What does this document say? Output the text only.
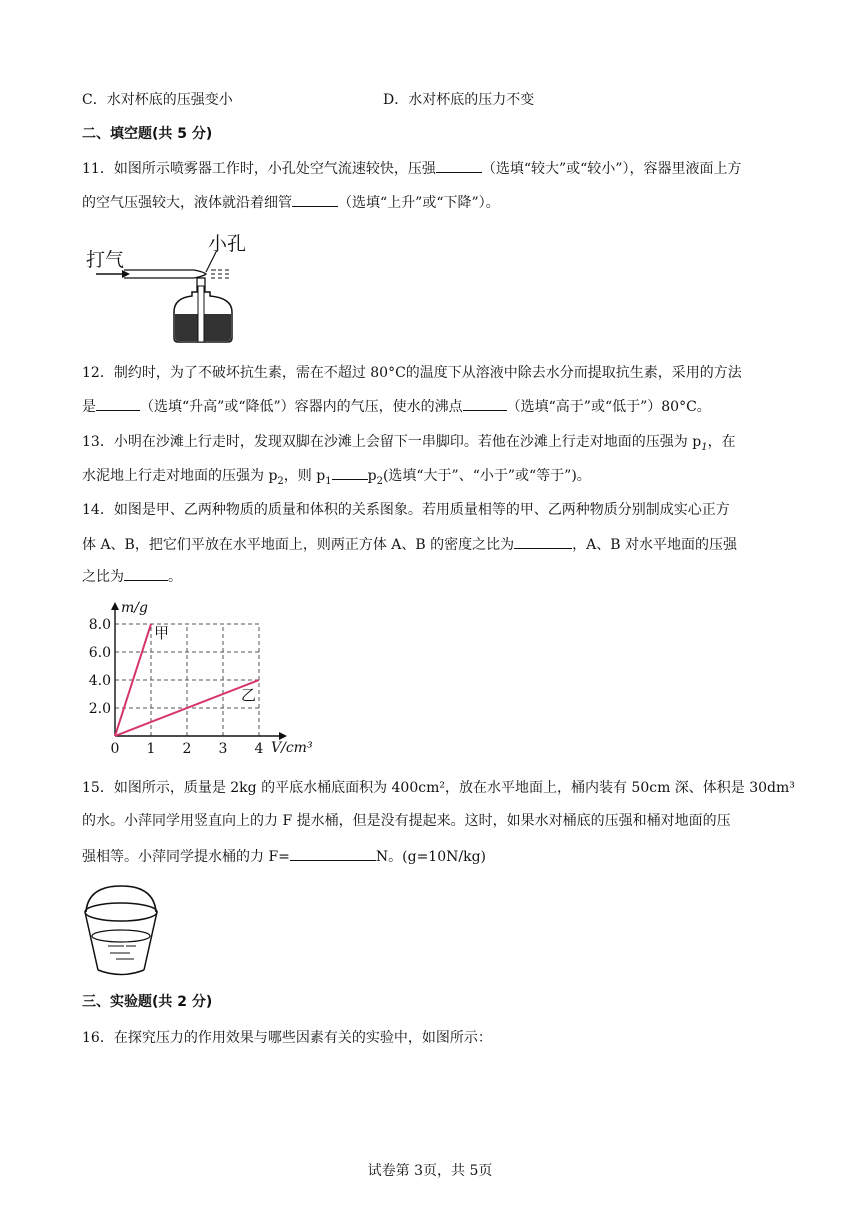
C．水对杯底的压强变小	D．水对杯底的压力不变
二、填空题(共 5 分)
11．如图所示喷雾器工作时，小孔处空气流速较快，压强	（选填“较大”或“较小”），容器里液面上方
的空气压强较大，液体就沿着细管	（选填“上升”或“下降”）。
打气
小孔
12．制约时，为了不破坏抗生素，需在不超过 80°C的温度下从溶液中除去水分而提取抗生素，采用的方法
是	（选填“升高”或“降低”）容器内的气压，使水的沸点	（选填“高于”或“低于”）80°C。
13．小明在沙滩上行走时，发现双脚在沙滩上会留下一串脚印。若他在沙滩上行走对地面的压强为 $p_1$，在
水泥地上行走对地面的压强为 $p_2$，则 $p_1$	$p_2$(选填“大于”、“小于”或“等于”)。
14．如图是甲、乙两种物质的质量和体积的关系图象。若用质量相等的甲、乙两种物质分别制成实心正方
体 A、B，把它们平放在水平地面上，则两正方体 A、B 的密度之比为	，A、B 对水平地面的压强
之比为	。
甲
乙
0 1 2 3 4
2.0
4.0
6.0
8.0
m/g
V/cm³
15．如图所示，质量是 2kg 的平底水桶底面积为 400cm²，放在水平地面上，桶内装有 50cm 深、体积是 30dm³
的水。小萍同学用竖直向上的力 F 提水桶，但是没有提起来。这时，如果水对桶底的压强和桶对地面的压
强相等。小萍同学提水桶的力 F=	N。(g=10N/kg)
三、实验题(共 2 分)
16．在探究压力的作用效果与哪些因素有关的实验中，如图所示：
试卷第 3页，共 5页
